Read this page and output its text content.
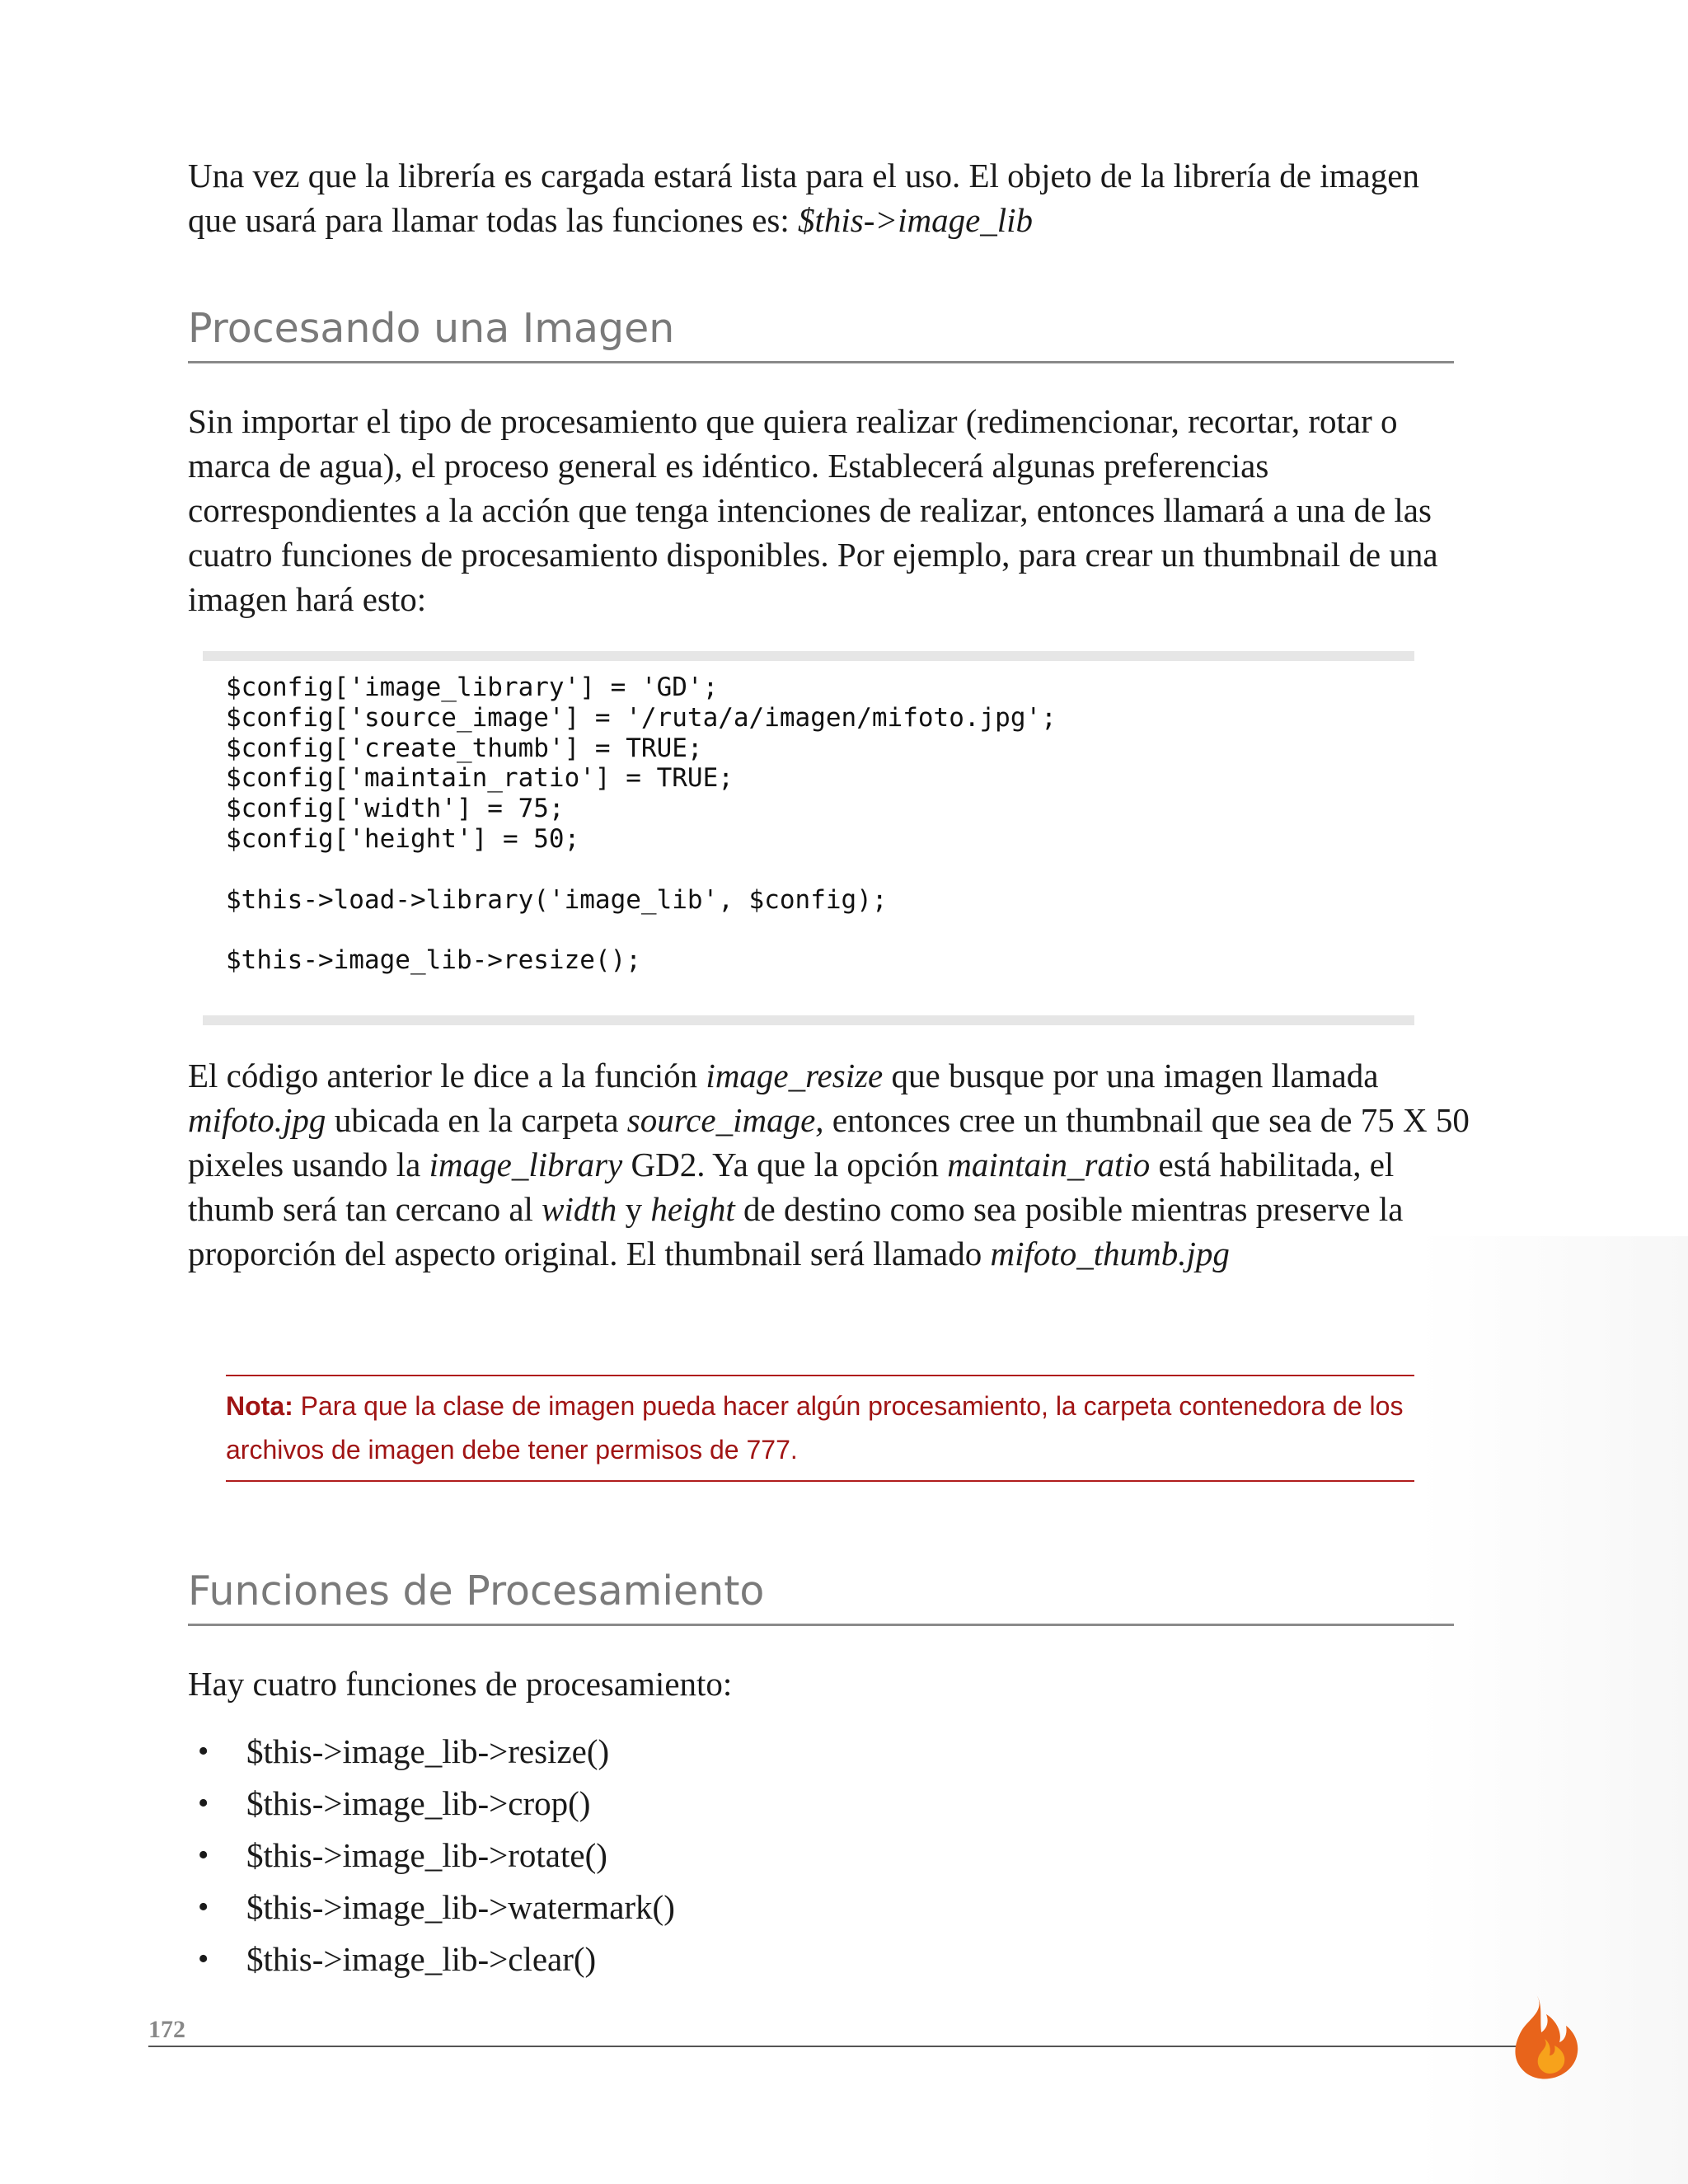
Una vez que la librería es cargada estará lista para el uso. El objeto de la librería de imagen que usará para llamar todas las funciones es: $this->image_lib

Procesando una Imagen

Sin importar el tipo de procesamiento que quiera realizar (redimencionar, recortar, rotar o marca de agua), el proceso general es idéntico. Establecerá algunas preferencias correspondientes a la acción que tenga intenciones de realizar, entonces llamará a una de las cuatro funciones de procesamiento disponibles. Por ejemplo, para crear un thumbnail de una imagen hará esto:

$config['image_library'] = 'GD';
$config['source_image'] = '/ruta/a/imagen/mifoto.jpg';
$config['create_thumb'] = TRUE;
$config['maintain_ratio'] = TRUE;
$config['width'] = 75;
$config['height'] = 50;

$this->load->library('image_lib', $config);

$this->image_lib->resize();

El código anterior le dice a la función image_resize que busque por una imagen llamada mifoto.jpg ubicada en la carpeta source_image, entonces cree un thumbnail que sea de 75 X 50 pixeles usando la image_library GD2. Ya que la opción maintain_ratio está habilitada, el thumb será tan cercano al width y height de destino como sea posible mientras preserve la proporción del aspecto original. El thumbnail será llamado mifoto_thumb.jpg

Nota: Para que la clase de imagen pueda hacer algún procesamiento, la carpeta contenedora de los archivos de imagen debe tener permisos de 777.

Funciones de Procesamiento

Hay cuatro funciones de procesamiento:

• $this->image_lib->resize()
• $this->image_lib->crop()
• $this->image_lib->rotate()
• $this->image_lib->watermark()
• $this->image_lib->clear()
172
